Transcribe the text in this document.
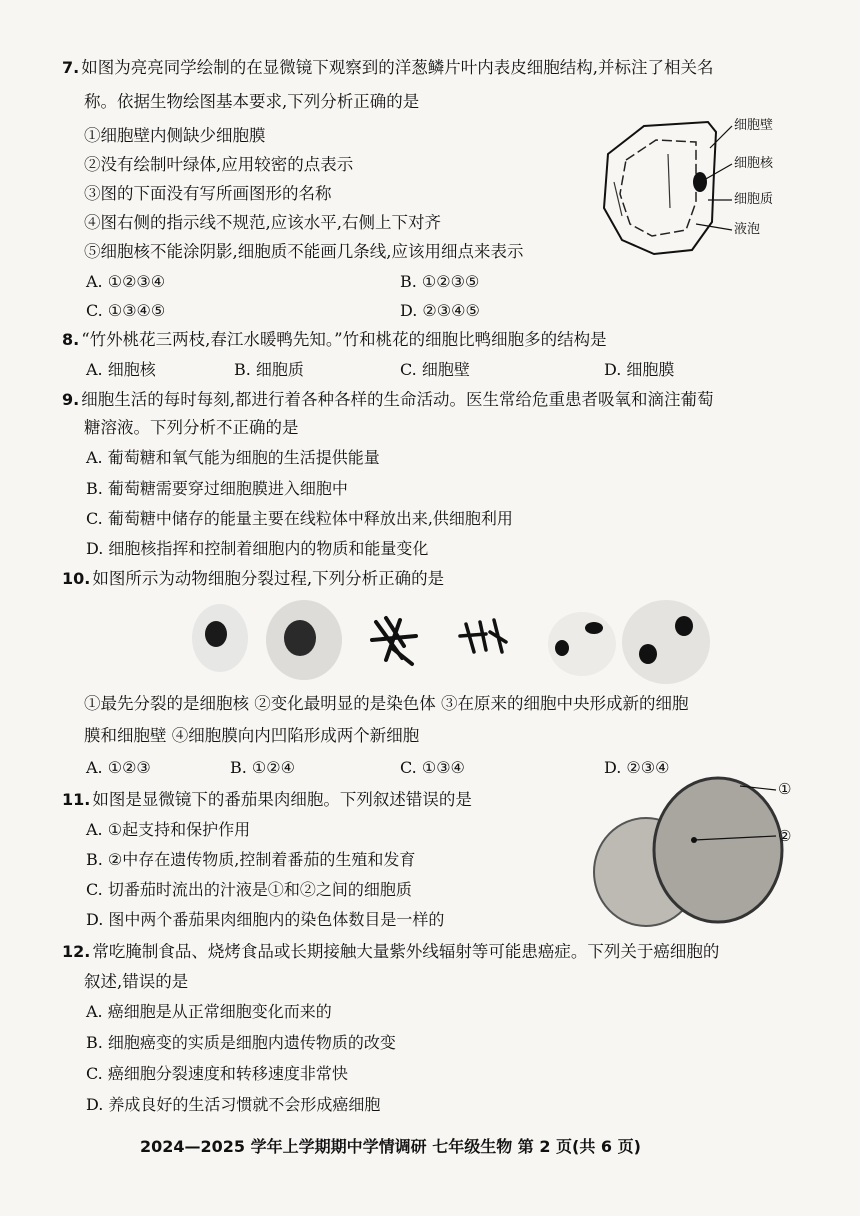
7. 如图为亮亮同学绘制的在显微镜下观察到的洋葱鳞片叶内表皮细胞结构,并标注了相关名
称。依据生物绘图基本要求,下列分析正确的是
①细胞壁内侧缺少细胞膜
②没有绘制叶绿体,应用较密的点表示
③图的下面没有写所画图形的名称
④图右侧的指示线不规范,应该水平,右侧上下对齐
⑤细胞核不能涂阴影,细胞质不能画几条线,应该用细点来表示
A. ①②③④	B. ①②③⑤
C. ①③④⑤	D. ②③④⑤
细胞壁
细胞核
细胞质
液泡
8. “竹外桃花三两枝,春江水暖鸭先知。”竹和桃花的细胞比鸭细胞多的结构是
A. 细胞核	B. 细胞质	C. 细胞壁	D. 细胞膜
9. 细胞生活的每时每刻,都进行着各种各样的生命活动。医生常给危重患者吸氧和滴注葡萄
糖溶液。下列分析不正确的是
A. 葡萄糖和氧气能为细胞的生活提供能量
B. 葡萄糖需要穿过细胞膜进入细胞中
C. 葡萄糖中储存的能量主要在线粒体中释放出来,供细胞利用
D. 细胞核指挥和控制着细胞内的物质和能量变化
10. 如图所示为动物细胞分裂过程,下列分析正确的是
①最先分裂的是细胞核 ②变化最明显的是染色体 ③在原来的细胞中央形成新的细胞
膜和细胞壁 ④细胞膜向内凹陷形成两个新细胞
A. ①②③	B. ①②④	C. ①③④	D. ②③④
11. 如图是显微镜下的番茄果肉细胞。下列叙述错误的是
A. ①起支持和保护作用
B. ②中存在遗传物质,控制着番茄的生殖和发育
C. 切番茄时流出的汁液是①和②之间的细胞质
D. 图中两个番茄果肉细胞内的染色体数目是一样的
①
②
12. 常吃腌制食品、烧烤食品或长期接触大量紫外线辐射等可能患癌症。下列关于癌细胞的
叙述,错误的是
A. 癌细胞是从正常细胞变化而来的
B. 细胞癌变的实质是细胞内遗传物质的改变
C. 癌细胞分裂速度和转移速度非常快
D. 养成良好的生活习惯就不会形成癌细胞
2024—2025 学年上学期期中学情调研 七年级生物 第 2 页(共 6 页)
